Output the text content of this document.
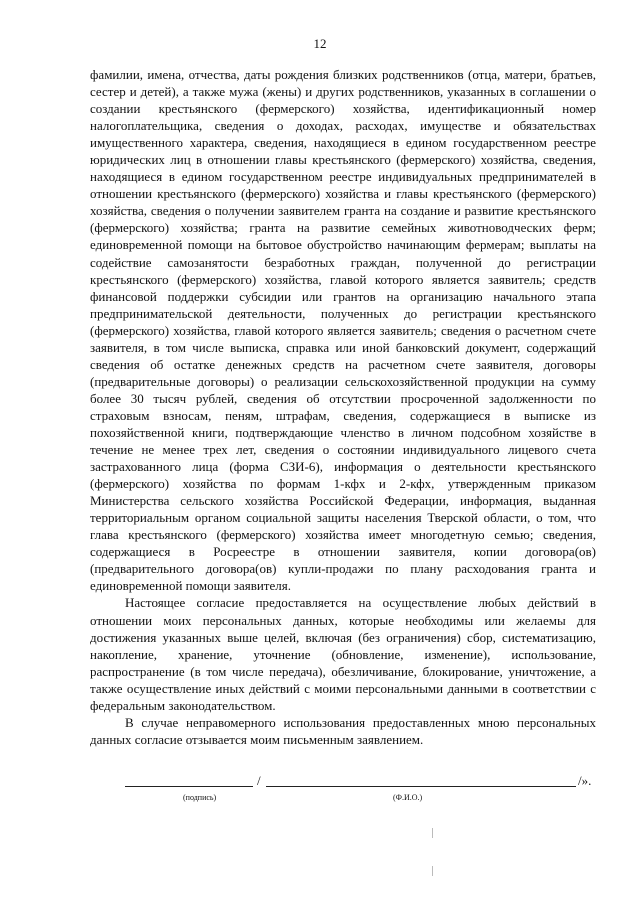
12

фамилии, имена, отчества, даты рождения близких родственников (отца, матери, братьев, сестер и детей), а также мужа (жены) и других родственников, указанных в соглашении о создании крестьянского (фермерского) хозяйства, идентификационный номер налогоплательщика, сведения о доходах, расходах, имуществе и обязательствах имущественного характера, сведения, находящиеся в едином государственном реестре юридических лиц в отношении главы крестьянского (фермерского) хозяйства, сведения, находящиеся в едином государственном реестре индивидуальных предпринимателей в отношении крестьянского (фермерского) хозяйства и главы крестьянского (фермерского) хозяйства, сведения о получении заявителем гранта на создание и развитие крестьянского (фермерского) хозяйства; гранта на развитие семейных животноводческих ферм; единовременной помощи на бытовое обустройство начинающим фермерам; выплаты на содействие самозанятости безработных граждан, полученной до регистрации крестьянского (фермерского) хозяйства, главой которого является заявитель; средств финансовой поддержки субсидии или грантов на организацию начального этапа предпринимательской деятельности, полученных до регистрации крестьянского (фермерского) хозяйства, главой которого является заявитель; сведения о расчетном счете заявителя, в том числе выписка, справка или иной банковский документ, содержащий сведения об остатке денежных средств на расчетном счете заявителя, договоры (предварительные договоры) о реализации сельскохозяйственной продукции на сумму более 30 тысяч рублей, сведения об отсутствии просроченной задолженности по страховым взносам, пеням, штрафам, сведения, содержащиеся в выписке из похозяйственной книги, подтверждающие членство в личном подсобном хозяйстве в течение не менее трех лет, сведения о состоянии индивидуального лицевого счета застрахованного лица (форма СЗИ-6), информация о деятельности крестьянского (фермерского) хозяйства по формам 1-кфх и 2-кфх, утвержденным приказом Министерства сельского хозяйства Российской Федерации, информация, выданная территориальным органом социальной защиты населения Тверской области, о том, что глава крестьянского (фермерского) хозяйства имеет многодетную семью; сведения, содержащиеся в Росреестре в отношении заявителя, копии договора(ов) (предварительного договора(ов) купли-продажи по плану расходования гранта и единовременной помощи заявителя.

Настоящее согласие предоставляется на осуществление любых действий в отношении моих персональных данных, которые необходимы или желаемы для достижения указанных выше целей, включая (без ограничения) сбор, систематизацию, накопление, хранение, уточнение (обновление, изменение), использование, распространение (в том числе передача), обезличивание, блокирование, уничтожение, а также осуществление иных действий с моими персональными данными в соответствии с федеральным законодательством.

В случае неправомерного использования предоставленных мною персональных данных согласие отзывается моим письменным заявлением.

/	/».
(подпись)	(Ф.И.О.)
